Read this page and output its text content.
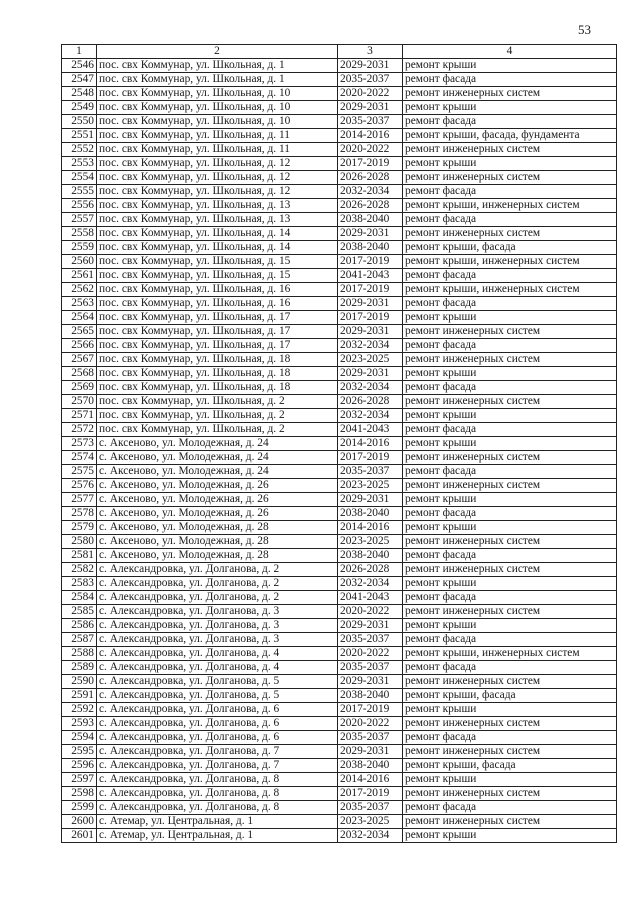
53
1	2	3	4
2546	пос. свх Коммунар, ул. Школьная, д. 1	2029-2031	ремонт крыши
2547	пос. свх Коммунар, ул. Школьная, д. 1	2035-2037	ремонт фасада
2548	пос. свх Коммунар, ул. Школьная, д. 10	2020-2022	ремонт инженерных систем
2549	пос. свх Коммунар, ул. Школьная, д. 10	2029-2031	ремонт крыши
2550	пос. свх Коммунар, ул. Школьная, д. 10	2035-2037	ремонт фасада
2551	пос. свх Коммунар, ул. Школьная, д. 11	2014-2016	ремонт крыши, фасада, фундамента
2552	пос. свх Коммунар, ул. Школьная, д. 11	2020-2022	ремонт инженерных систем
2553	пос. свх Коммунар, ул. Школьная, д. 12	2017-2019	ремонт крыши
2554	пос. свх Коммунар, ул. Школьная, д. 12	2026-2028	ремонт инженерных систем
2555	пос. свх Коммунар, ул. Школьная, д. 12	2032-2034	ремонт фасада
2556	пос. свх Коммунар, ул. Школьная, д. 13	2026-2028	ремонт крыши, инженерных систем
2557	пос. свх Коммунар, ул. Школьная, д. 13	2038-2040	ремонт фасада
2558	пос. свх Коммунар, ул. Школьная, д. 14	2029-2031	ремонт инженерных систем
2559	пос. свх Коммунар, ул. Школьная, д. 14	2038-2040	ремонт крыши, фасада
2560	пос. свх Коммунар, ул. Школьная, д. 15	2017-2019	ремонт крыши, инженерных систем
2561	пос. свх Коммунар, ул. Школьная, д. 15	2041-2043	ремонт фасада
2562	пос. свх Коммунар, ул. Школьная, д. 16	2017-2019	ремонт крыши, инженерных систем
2563	пос. свх Коммунар, ул. Школьная, д. 16	2029-2031	ремонт фасада
2564	пос. свх Коммунар, ул. Школьная, д. 17	2017-2019	ремонт крыши
2565	пос. свх Коммунар, ул. Школьная, д. 17	2029-2031	ремонт инженерных систем
2566	пос. свх Коммунар, ул. Школьная, д. 17	2032-2034	ремонт фасада
2567	пос. свх Коммунар, ул. Школьная, д. 18	2023-2025	ремонт инженерных систем
2568	пос. свх Коммунар, ул. Школьная, д. 18	2029-2031	ремонт крыши
2569	пос. свх Коммунар, ул. Школьная, д. 18	2032-2034	ремонт фасада
2570	пос. свх Коммунар, ул. Школьная, д. 2	2026-2028	ремонт инженерных систем
2571	пос. свх Коммунар, ул. Школьная, д. 2	2032-2034	ремонт крыши
2572	пос. свх Коммунар, ул. Школьная, д. 2	2041-2043	ремонт фасада
2573	с. Аксеново, ул. Молодежная, д. 24	2014-2016	ремонт крыши
2574	с. Аксеново, ул. Молодежная, д. 24	2017-2019	ремонт инженерных систем
2575	с. Аксеново, ул. Молодежная, д. 24	2035-2037	ремонт фасада
2576	с. Аксеново, ул. Молодежная, д. 26	2023-2025	ремонт инженерных систем
2577	с. Аксеново, ул. Молодежная, д. 26	2029-2031	ремонт крыши
2578	с. Аксеново, ул. Молодежная, д. 26	2038-2040	ремонт фасада
2579	с. Аксеново, ул. Молодежная, д. 28	2014-2016	ремонт крыши
2580	с. Аксеново, ул. Молодежная, д. 28	2023-2025	ремонт инженерных систем
2581	с. Аксеново, ул. Молодежная, д. 28	2038-2040	ремонт фасада
2582	с. Александровка, ул. Долганова, д. 2	2026-2028	ремонт инженерных систем
2583	с. Александровка, ул. Долганова, д. 2	2032-2034	ремонт крыши
2584	с. Александровка, ул. Долганова, д. 2	2041-2043	ремонт фасада
2585	с. Александровка, ул. Долганова, д. 3	2020-2022	ремонт инженерных систем
2586	с. Александровка, ул. Долганова, д. 3	2029-2031	ремонт крыши
2587	с. Александровка, ул. Долганова, д. 3	2035-2037	ремонт фасада
2588	с. Александровка, ул. Долганова, д. 4	2020-2022	ремонт крыши, инженерных систем
2589	с. Александровка, ул. Долганова, д. 4	2035-2037	ремонт фасада
2590	с. Александровка, ул. Долганова, д. 5	2029-2031	ремонт инженерных систем
2591	с. Александровка, ул. Долганова, д. 5	2038-2040	ремонт крыши, фасада
2592	с. Александровка, ул. Долганова, д. 6	2017-2019	ремонт крыши
2593	с. Александровка, ул. Долганова, д. 6	2020-2022	ремонт инженерных систем
2594	с. Александровка, ул. Долганова, д. 6	2035-2037	ремонт фасада
2595	с. Александровка, ул. Долганова, д. 7	2029-2031	ремонт инженерных систем
2596	с. Александровка, ул. Долганова, д. 7	2038-2040	ремонт крыши, фасада
2597	с. Александровка, ул. Долганова, д. 8	2014-2016	ремонт крыши
2598	с. Александровка, ул. Долганова, д. 8	2017-2019	ремонт инженерных систем
2599	с. Александровка, ул. Долганова, д. 8	2035-2037	ремонт фасада
2600	с. Атемар, ул. Центральная, д. 1	2023-2025	ремонт инженерных систем
2601	с. Атемар, ул. Центральная, д. 1	2032-2034	ремонт крыши
